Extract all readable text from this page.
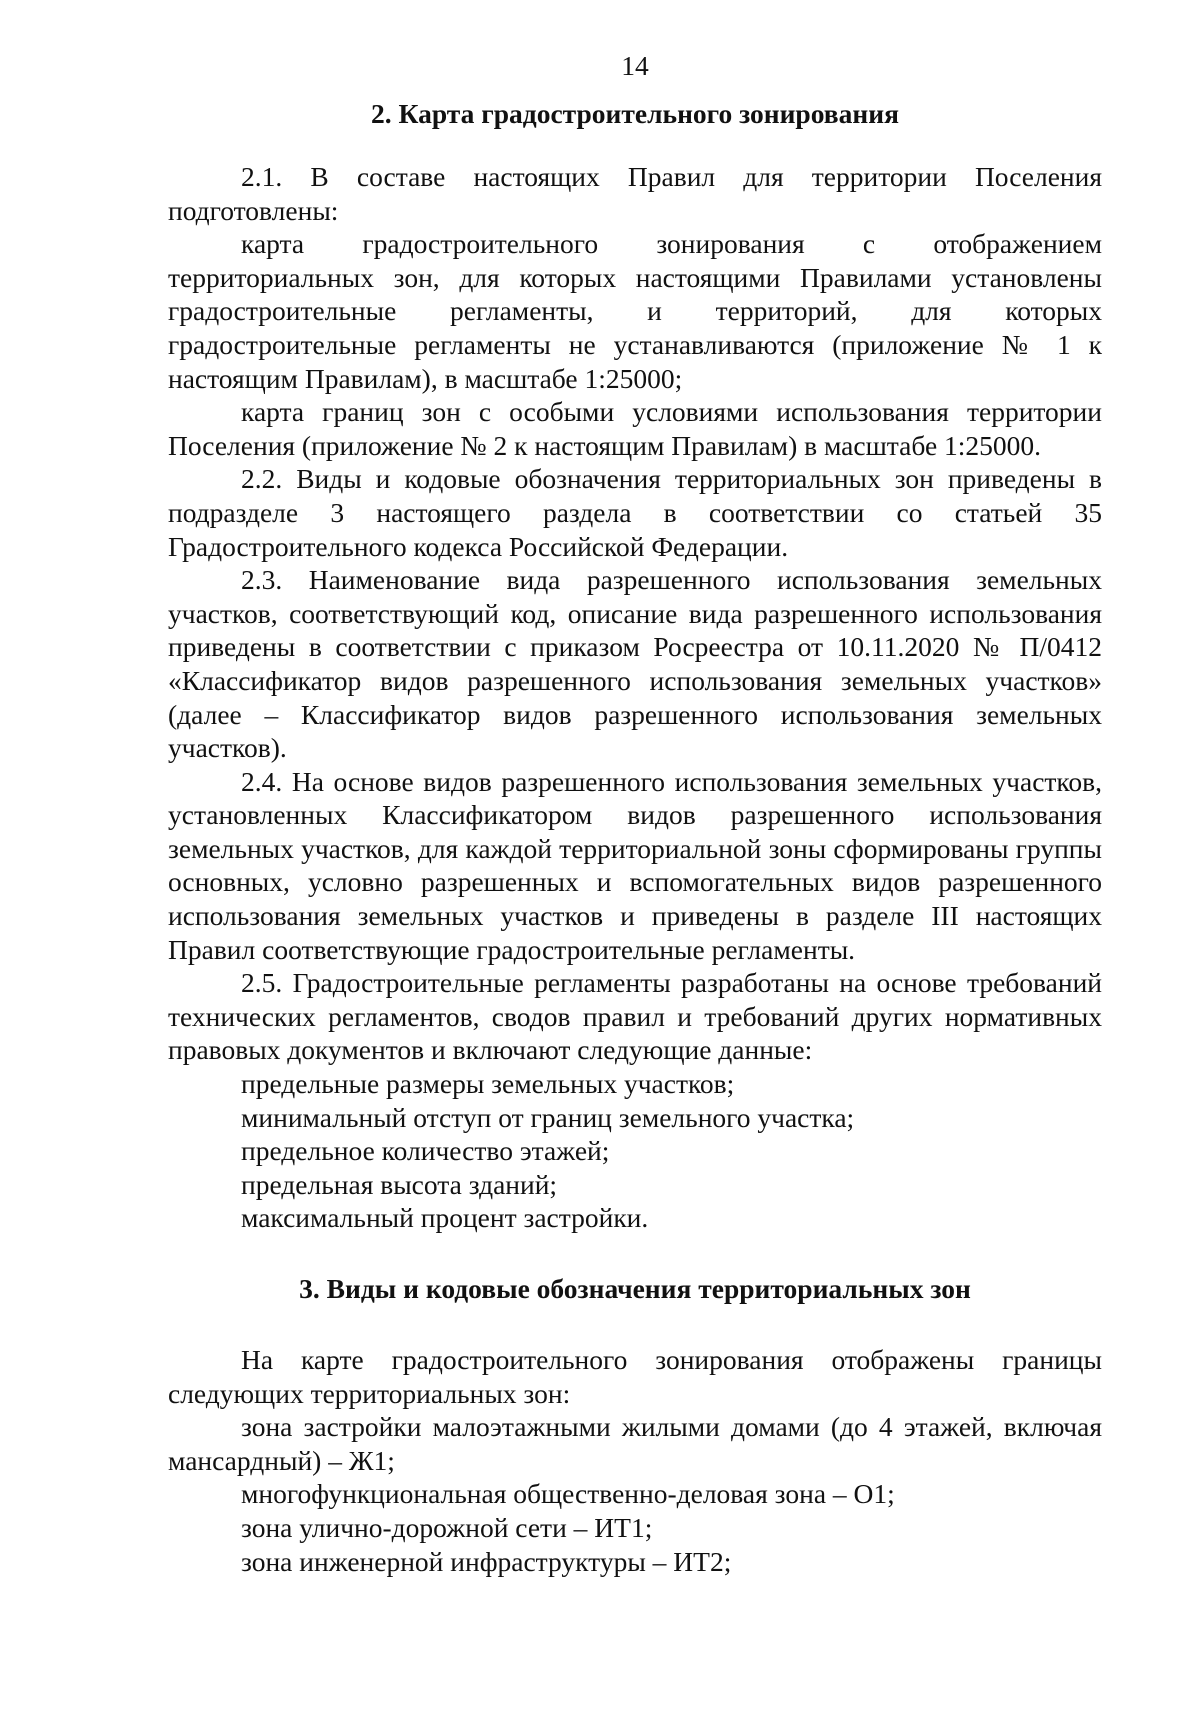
14
2. Карта градостроительного зонирования

2.1. В составе настоящих Правил для территории Поселения подготовлены:

карта градостроительного зонирования с отображением территориальных зон, для которых настоящими Правилами установлены градостроительные регламенты, и территорий, для которых градостроительные регламенты не устанавливаются (приложение № 1 к настоящим Правилам), в масштабе 1:25000;

карта границ зон с особыми условиями использования территории Поселения (приложение № 2 к настоящим Правилам) в масштабе 1:25000.

2.2. Виды и кодовые обозначения территориальных зон приведены в подразделе 3 настоящего раздела в соответствии со статьей 35 Градостроительного кодекса Российской Федерации.

2.3. Наименование вида разрешенного использования земельных участков, соответствующий код, описание вида разрешенного использования приведены в соответствии с приказом Росреестра от 10.11.2020 № П/0412 «Классификатор видов разрешенного использования земельных участков» (далее – Классификатор видов разрешенного использования земельных участков).

2.4. На основе видов разрешенного использования земельных участков, установленных Классификатором видов разрешенного использования земельных участков, для каждой территориальной зоны сформированы группы основных, условно разрешенных и вспомогательных видов разрешенного использования земельных участков и приведены в разделе III настоящих Правил соответствующие градостроительные регламенты.

2.5. Градостроительные регламенты разработаны на основе требований технических регламентов, сводов правил и требований других нормативных правовых документов и включают следующие данные:

предельные размеры земельных участков;

минимальный отступ от границ земельного участка;

предельное количество этажей;

предельная высота зданий;

максимальный процент застройки.

3. Виды и кодовые обозначения территориальных зон

На карте градостроительного зонирования отображены границы следующих территориальных зон:

зона застройки малоэтажными жилыми домами (до 4 этажей, включая мансардный) – Ж1;

многофункциональная общественно-деловая зона – О1;

зона улично-дорожной сети – ИТ1;

зона инженерной инфраструктуры – ИТ2;
